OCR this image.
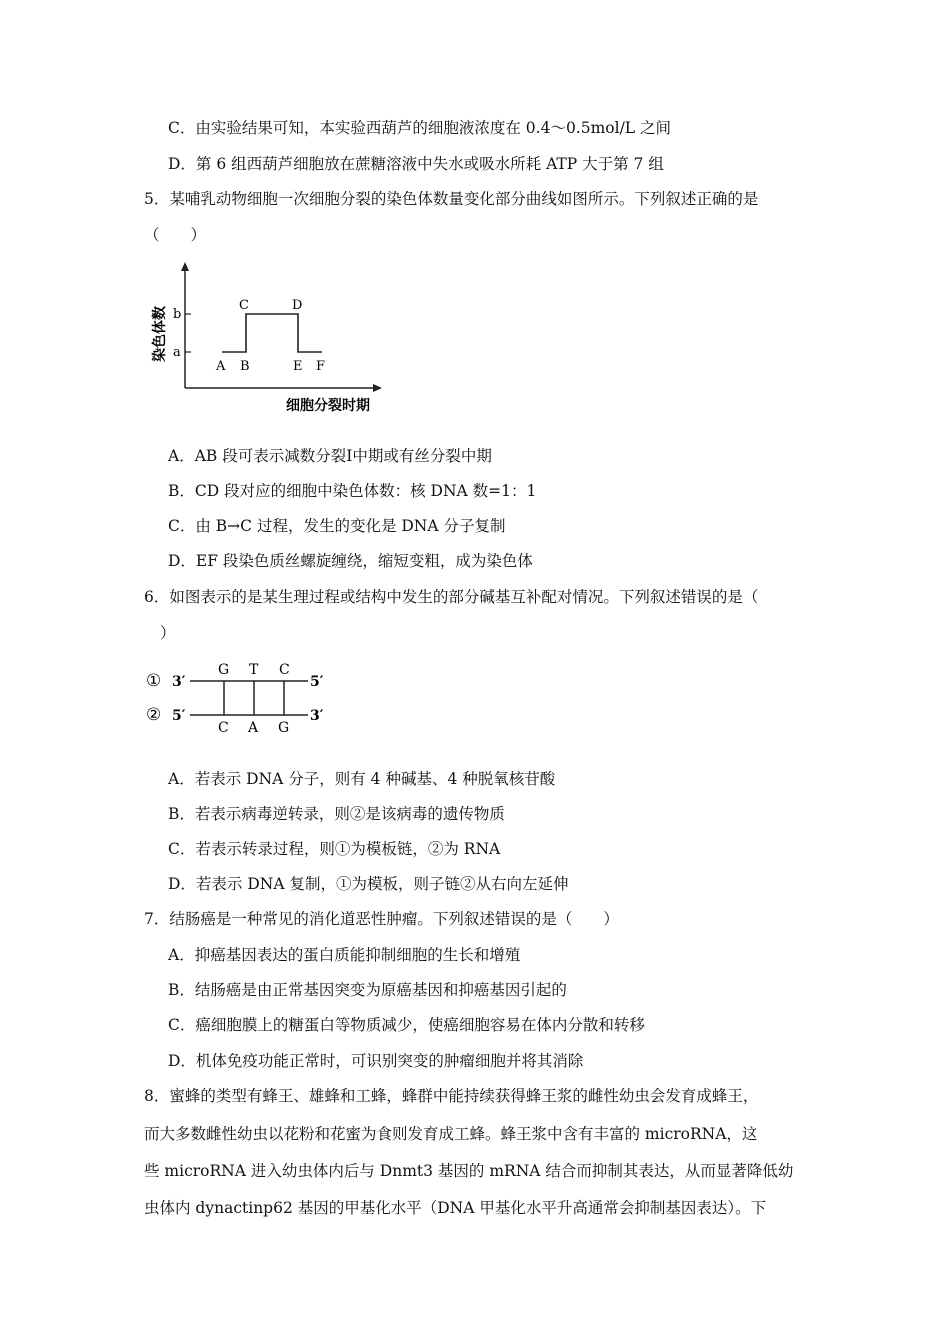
C．由实验结果可知，本实验西葫芦的细胞液浓度在 0.4～0.5mol/L 之间
D．第 6 组西葫芦细胞放在蔗糖溶液中失水或吸水所耗 ATP 大于第 7 组
5．某哺乳动物细胞一次细胞分裂的染色体数量变化部分曲线如图所示。下列叙述正确的是
（　　）
b
a
A B
C	D
E F
染色体数
细胞分裂时期
A．AB 段可表示减数分裂Ⅰ中期或有丝分裂中期
B．CD 段对应的细胞中染色体数：核 DNA 数=1：1
C．由 B→C 过程，发生的变化是 DNA 分子复制
D．EF 段染色质丝螺旋缠绕，缩短变粗，成为染色体
6．如图表示的是某生理过程或结构中发生的部分碱基互补配对情况。下列叙述错误的是（
）
①
②
3′
5′
G T C
C A G
5′
3′
A．若表示 DNA 分子，则有 4 种碱基、4 种脱氧核苷酸
B．若表示病毒逆转录，则②是该病毒的遗传物质
C．若表示转录过程，则①为模板链，②为 RNA
D．若表示 DNA 复制，①为模板，则子链②从右向左延伸
7．结肠癌是一种常见的消化道恶性肿瘤。下列叙述错误的是（　　）
A．抑癌基因表达的蛋白质能抑制细胞的生长和增殖
B．结肠癌是由正常基因突变为原癌基因和抑癌基因引起的
C．癌细胞膜上的糖蛋白等物质减少，使癌细胞容易在体内分散和转移
D．机体免疫功能正常时，可识别突变的肿瘤细胞并将其消除
8．蜜蜂的类型有蜂王、雄蜂和工蜂，蜂群中能持续获得蜂王浆的雌性幼虫会发育成蜂王，
而大多数雌性幼虫以花粉和花蜜为食则发育成工蜂。蜂王浆中含有丰富的 microRNA，这
些 microRNA 进入幼虫体内后与 Dnmt3 基因的 mRNA 结合而抑制其表达，从而显著降低幼
虫体内 dynactinp62 基因的甲基化水平（DNA 甲基化水平升高通常会抑制基因表达）。下
